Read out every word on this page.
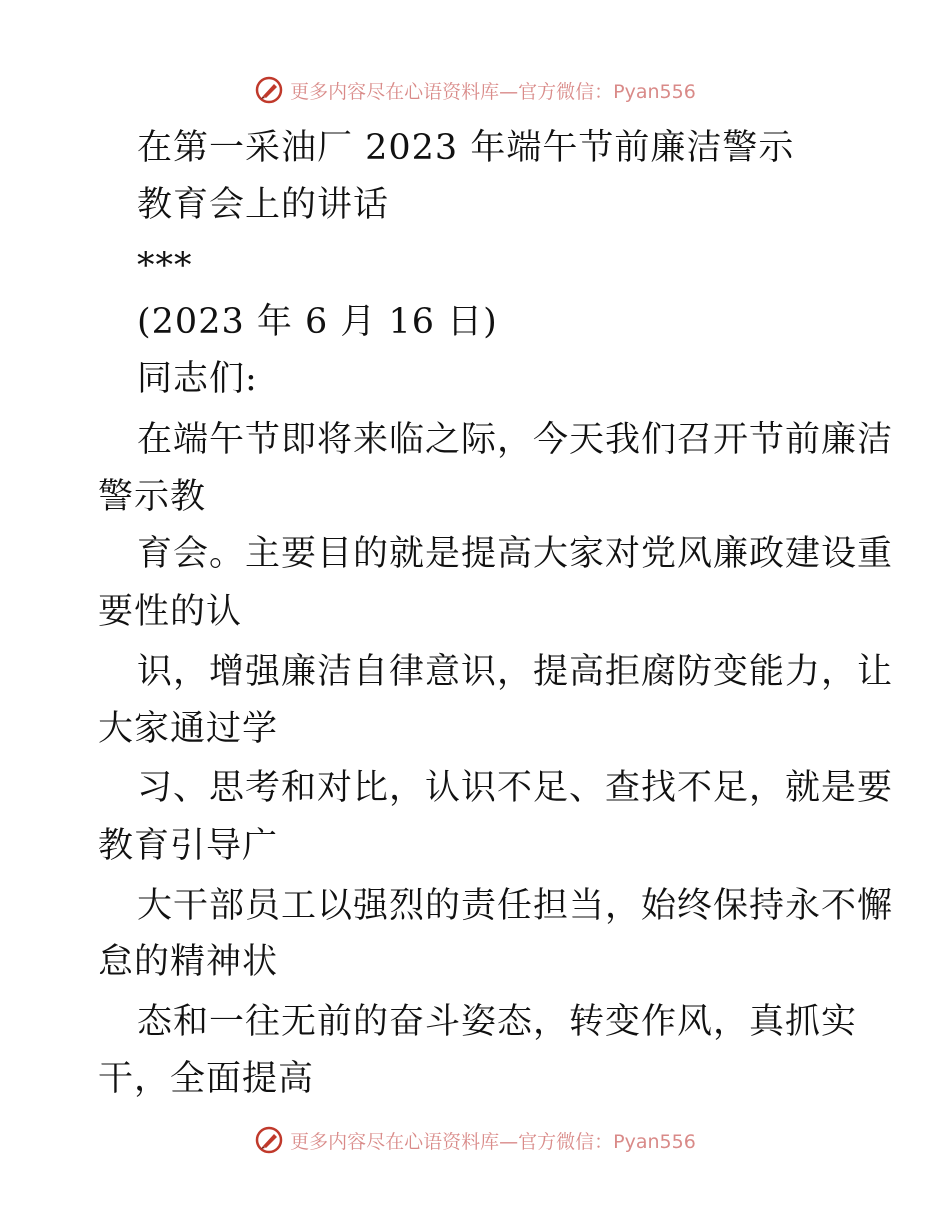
更多内容尽在心语资料库—官方微信：Pyan556
在第一采油厂 2023 年端午节前廉洁警示
教育会上的讲话
***
(2023 年 6 月 16 日)
同志们:
在端午节即将来临之际，今天我们召开节前廉洁
警示教
育会。主要目的就是提高大家对党风廉政建设重
要性的认
识，增强廉洁自律意识，提高拒腐防变能力，让
大家通过学
习、思考和对比，认识不足、查找不足，就是要
教育引导广
大干部员工以强烈的责任担当，始终保持永不懈
怠的精神状
态和一往无前的奋斗姿态，转变作风，真抓实
干，全面提高
更多内容尽在心语资料库—官方微信：Pyan556
